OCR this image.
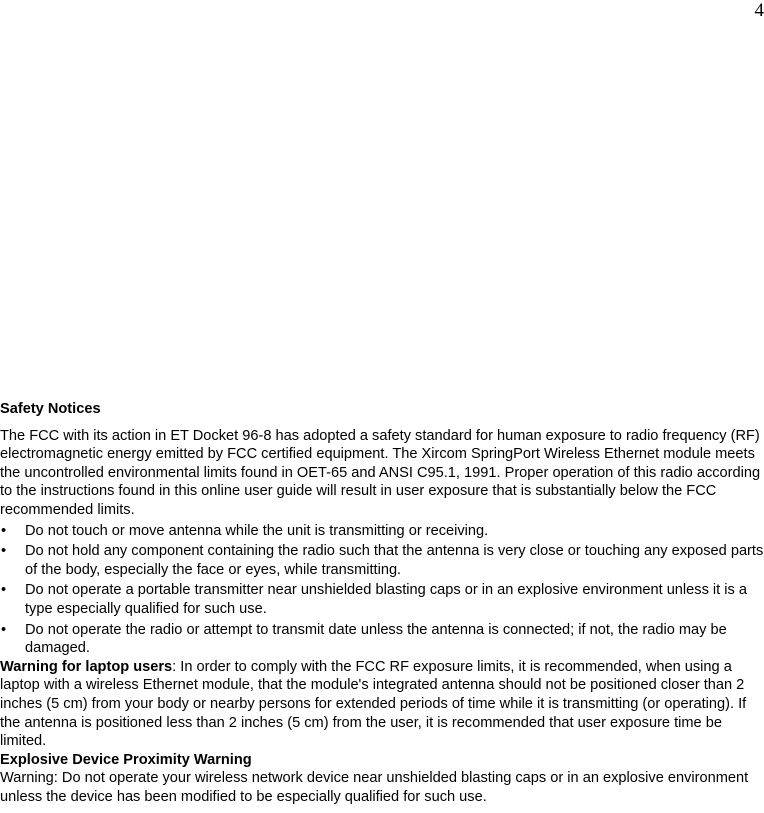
4
Safety Notices

The FCC with its action in ET Docket 96-8 has adopted a safety standard for human exposure to radio frequency (RF) electromagnetic energy emitted by FCC certified equipment. The Xircom SpringPort Wireless Ethernet module meets the uncontrolled environmental limits found in OET-65 and ANSI C95.1, 1991. Proper operation of this radio according to the instructions found in this online user guide will result in user exposure that is substantially below the FCC recommended limits.

• Do not touch or move antenna while the unit is transmitting or receiving.
• Do not hold any component containing the radio such that the antenna is very close or touching any exposed parts of the body, especially the face or eyes, while transmitting.
• Do not operate a portable transmitter near unshielded blasting caps or in an explosive environment unless it is a type especially qualified for such use.
• Do not operate the radio or attempt to transmit date unless the antenna is connected; if not, the radio may be damaged.

Warning for laptop users: In order to comply with the FCC RF exposure limits, it is recommended, when using a laptop with a wireless Ethernet module, that the module's integrated antenna should not be positioned closer than 2 inches (5 cm) from your body or nearby persons for extended periods of time while it is transmitting (or operating). If the antenna is positioned less than 2 inches (5 cm) from the user, it is recommended that user exposure time be limited.

Explosive Device Proximity Warning

Warning: Do not operate your wireless network device near unshielded blasting caps or in an explosive environment unless the device has been modified to be especially qualified for such use.
